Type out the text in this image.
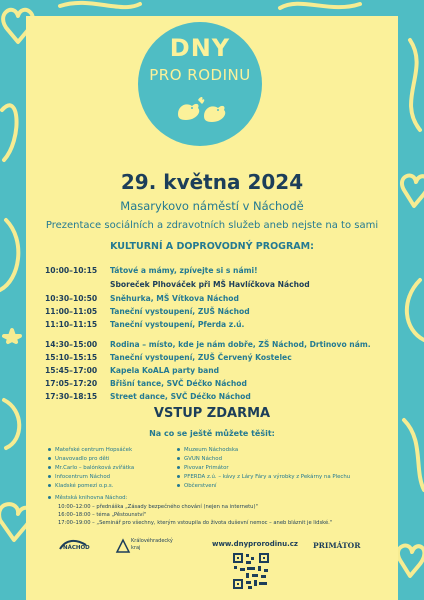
DNY
PRO RODINU
29. května 2024
Masarykovo náměstí v Náchodě
Prezentace sociálních a zdravotních služeb aneb nejste na to sami
KULTURNÍ A DOPROVODNÝ PROGRAM:
10:00–10:15 Tátové a mámy, zpívejte si s námi!
Sboreček Plhováček při MŠ Havlíčkova Náchod
10:30–10:50 Sněhurka, MŠ Vítkova Náchod
11:00–11:05 Taneční vystoupení, ZUŠ Náchod
11:10–11:15 Taneční vystoupení, Pferda z.ú.
14:30–15:00 Rodina – místo, kde je nám dobře, ZŠ Náchod, Drtinovo nám.
15:10–15:15 Taneční vystoupení, ZUŠ Červený Kostelec
15:45–17:00 Kapela KoALA party band
17:05–17:20 Břišní tance, SVČ Déčko Náchod
17:30–18:15 Street dance, SVČ Déčko Náchod
VSTUP ZDARMA
Na co se ještě můžete těšit:
Mateřské centrum Hopsáček
Unavovadlo pro děti
Mr.Carlo – balónková zvířátka
Infocentrum Náchod
Kladské pomezí o.p.s.
Muzeum Náchodska
GVUN Náchod
Pivovar Primátor
PFERDA z.ú. – kávy z Láry Fáry a výrobky z Pekárny na Plechu
Občerstvení
Městská knihovna Náchod:
10:00–12:00 – přednáška „Zásady bezpečného chování (nejen na internetu)"
16:00–18:00 – téma „Pěstounství"
17:00–19:00 – „Seminář pro všechny, kterým vstoupila do života duševní nemoc – aneb bláznit je lidské."
NÁCHOD
Královéhradecký
kraj	www.dnyprorodinu.cz PRIMÁTOR
